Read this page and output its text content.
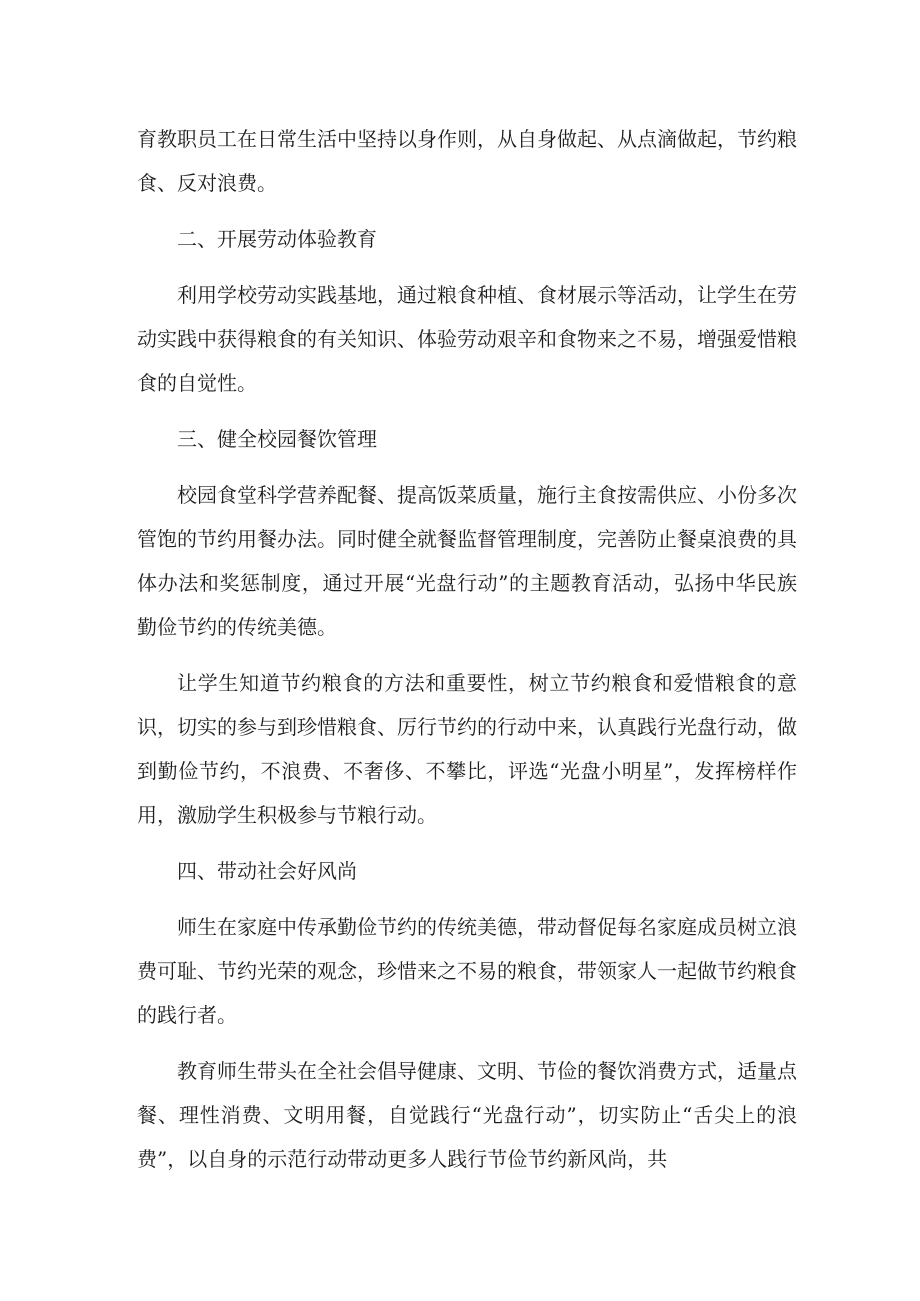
育教职员工在日常生活中坚持以身作则，从自身做起、从点滴做起，节约粮食、反对浪费。

二、开展劳动体验教育

利用学校劳动实践基地，通过粮食种植、食材展示等活动，让学生在劳动实践中获得粮食的有关知识、体验劳动艰辛和食物来之不易，增强爱惜粮食的自觉性。

三、健全校园餐饮管理

校园食堂科学营养配餐、提高饭菜质量，施行主食按需供应、小份多次管饱的节约用餐办法。同时健全就餐监督管理制度，完善防止餐桌浪费的具体办法和奖惩制度，通过开展“光盘行动”的主题教育活动，弘扬中华民族勤俭节约的传统美德。

让学生知道节约粮食的方法和重要性，树立节约粮食和爱惜粮食的意识，切实的参与到珍惜粮食、厉行节约的行动中来，认真践行光盘行动，做到勤俭节约，不浪费、不奢侈、不攀比，评选“光盘小明星”，发挥榜样作用，激励学生积极参与节粮行动。

四、带动社会好风尚

师生在家庭中传承勤俭节约的传统美德，带动督促每名家庭成员树立浪费可耻、节约光荣的观念，珍惜来之不易的粮食，带领家人一起做节约粮食的践行者。

教育师生带头在全社会倡导健康、文明、节俭的餐饮消费方式，适量点餐、理性消费、文明用餐，自觉践行“光盘行动”，切实防止“舌尖上的浪费”，以自身的示范行动带动更多人践行节俭节约新风尚，共
